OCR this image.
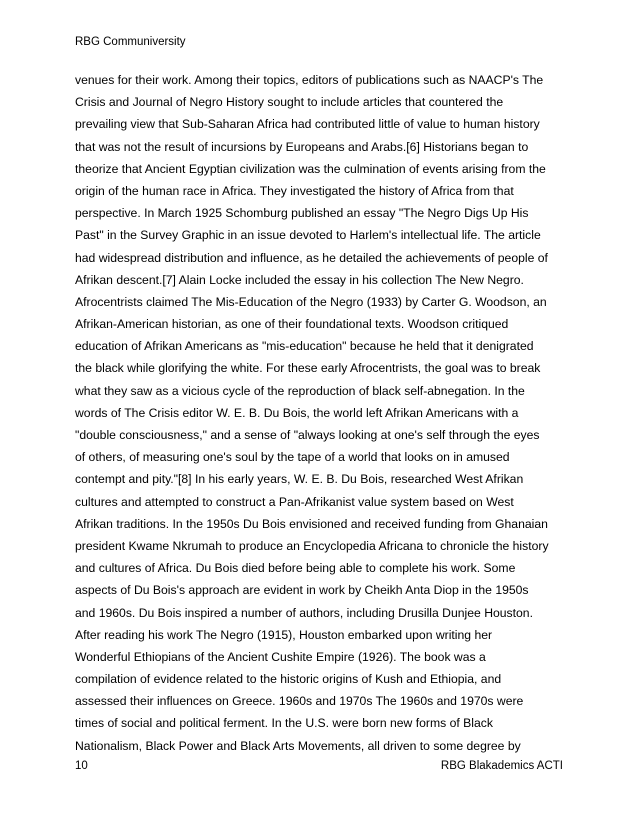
RBG Communiversity
venues for their work. Among their topics, editors of publications such as NAACP's The
Crisis and Journal of Negro History sought to include articles that countered the
prevailing view that Sub-Saharan Africa had contributed little of value to human history
that was not the result of incursions by Europeans and Arabs.[6] Historians began to
theorize that Ancient Egyptian civilization was the culmination of events arising from the
origin of the human race in Africa. They investigated the history of Africa from that
perspective. In March 1925 Schomburg published an essay "The Negro Digs Up His
Past" in the Survey Graphic in an issue devoted to Harlem's intellectual life. The article
had widespread distribution and influence, as he detailed the achievements of people of
Afrikan descent.[7] Alain Locke included the essay in his collection The New Negro.
Afrocentrists claimed The Mis-Education of the Negro (1933) by Carter G. Woodson, an
Afrikan-American historian, as one of their foundational texts. Woodson critiqued
education of Afrikan Americans as "mis-education" because he held that it denigrated
the black while glorifying the white. For these early Afrocentrists, the goal was to break
what they saw as a vicious cycle of the reproduction of black self-abnegation. In the
words of The Crisis editor W. E. B. Du Bois, the world left Afrikan Americans with a
"double consciousness," and a sense of "always looking at one's self through the eyes
of others, of measuring one's soul by the tape of a world that looks on in amused
contempt and pity."[8] In his early years, W. E. B. Du Bois, researched West Afrikan
cultures and attempted to construct a Pan-Afrikanist value system based on West
Afrikan traditions. In the 1950s Du Bois envisioned and received funding from Ghanaian
president Kwame Nkrumah to produce an Encyclopedia Africana to chronicle the history
and cultures of Africa. Du Bois died before being able to complete his work. Some
aspects of Du Bois's approach are evident in work by Cheikh Anta Diop in the 1950s
and 1960s. Du Bois inspired a number of authors, including Drusilla Dunjee Houston.
After reading his work The Negro (1915), Houston embarked upon writing her
Wonderful Ethiopians of the Ancient Cushite Empire (1926). The book was a
compilation of evidence related to the historic origins of Kush and Ethiopia, and
assessed their influences on Greece. 1960s and 1970s The 1960s and 1970s were
times of social and political ferment. In the U.S. were born new forms of Black
Nationalism, Black Power and Black Arts Movements, all driven to some degree by
10	RBG Blakademics ACTI
